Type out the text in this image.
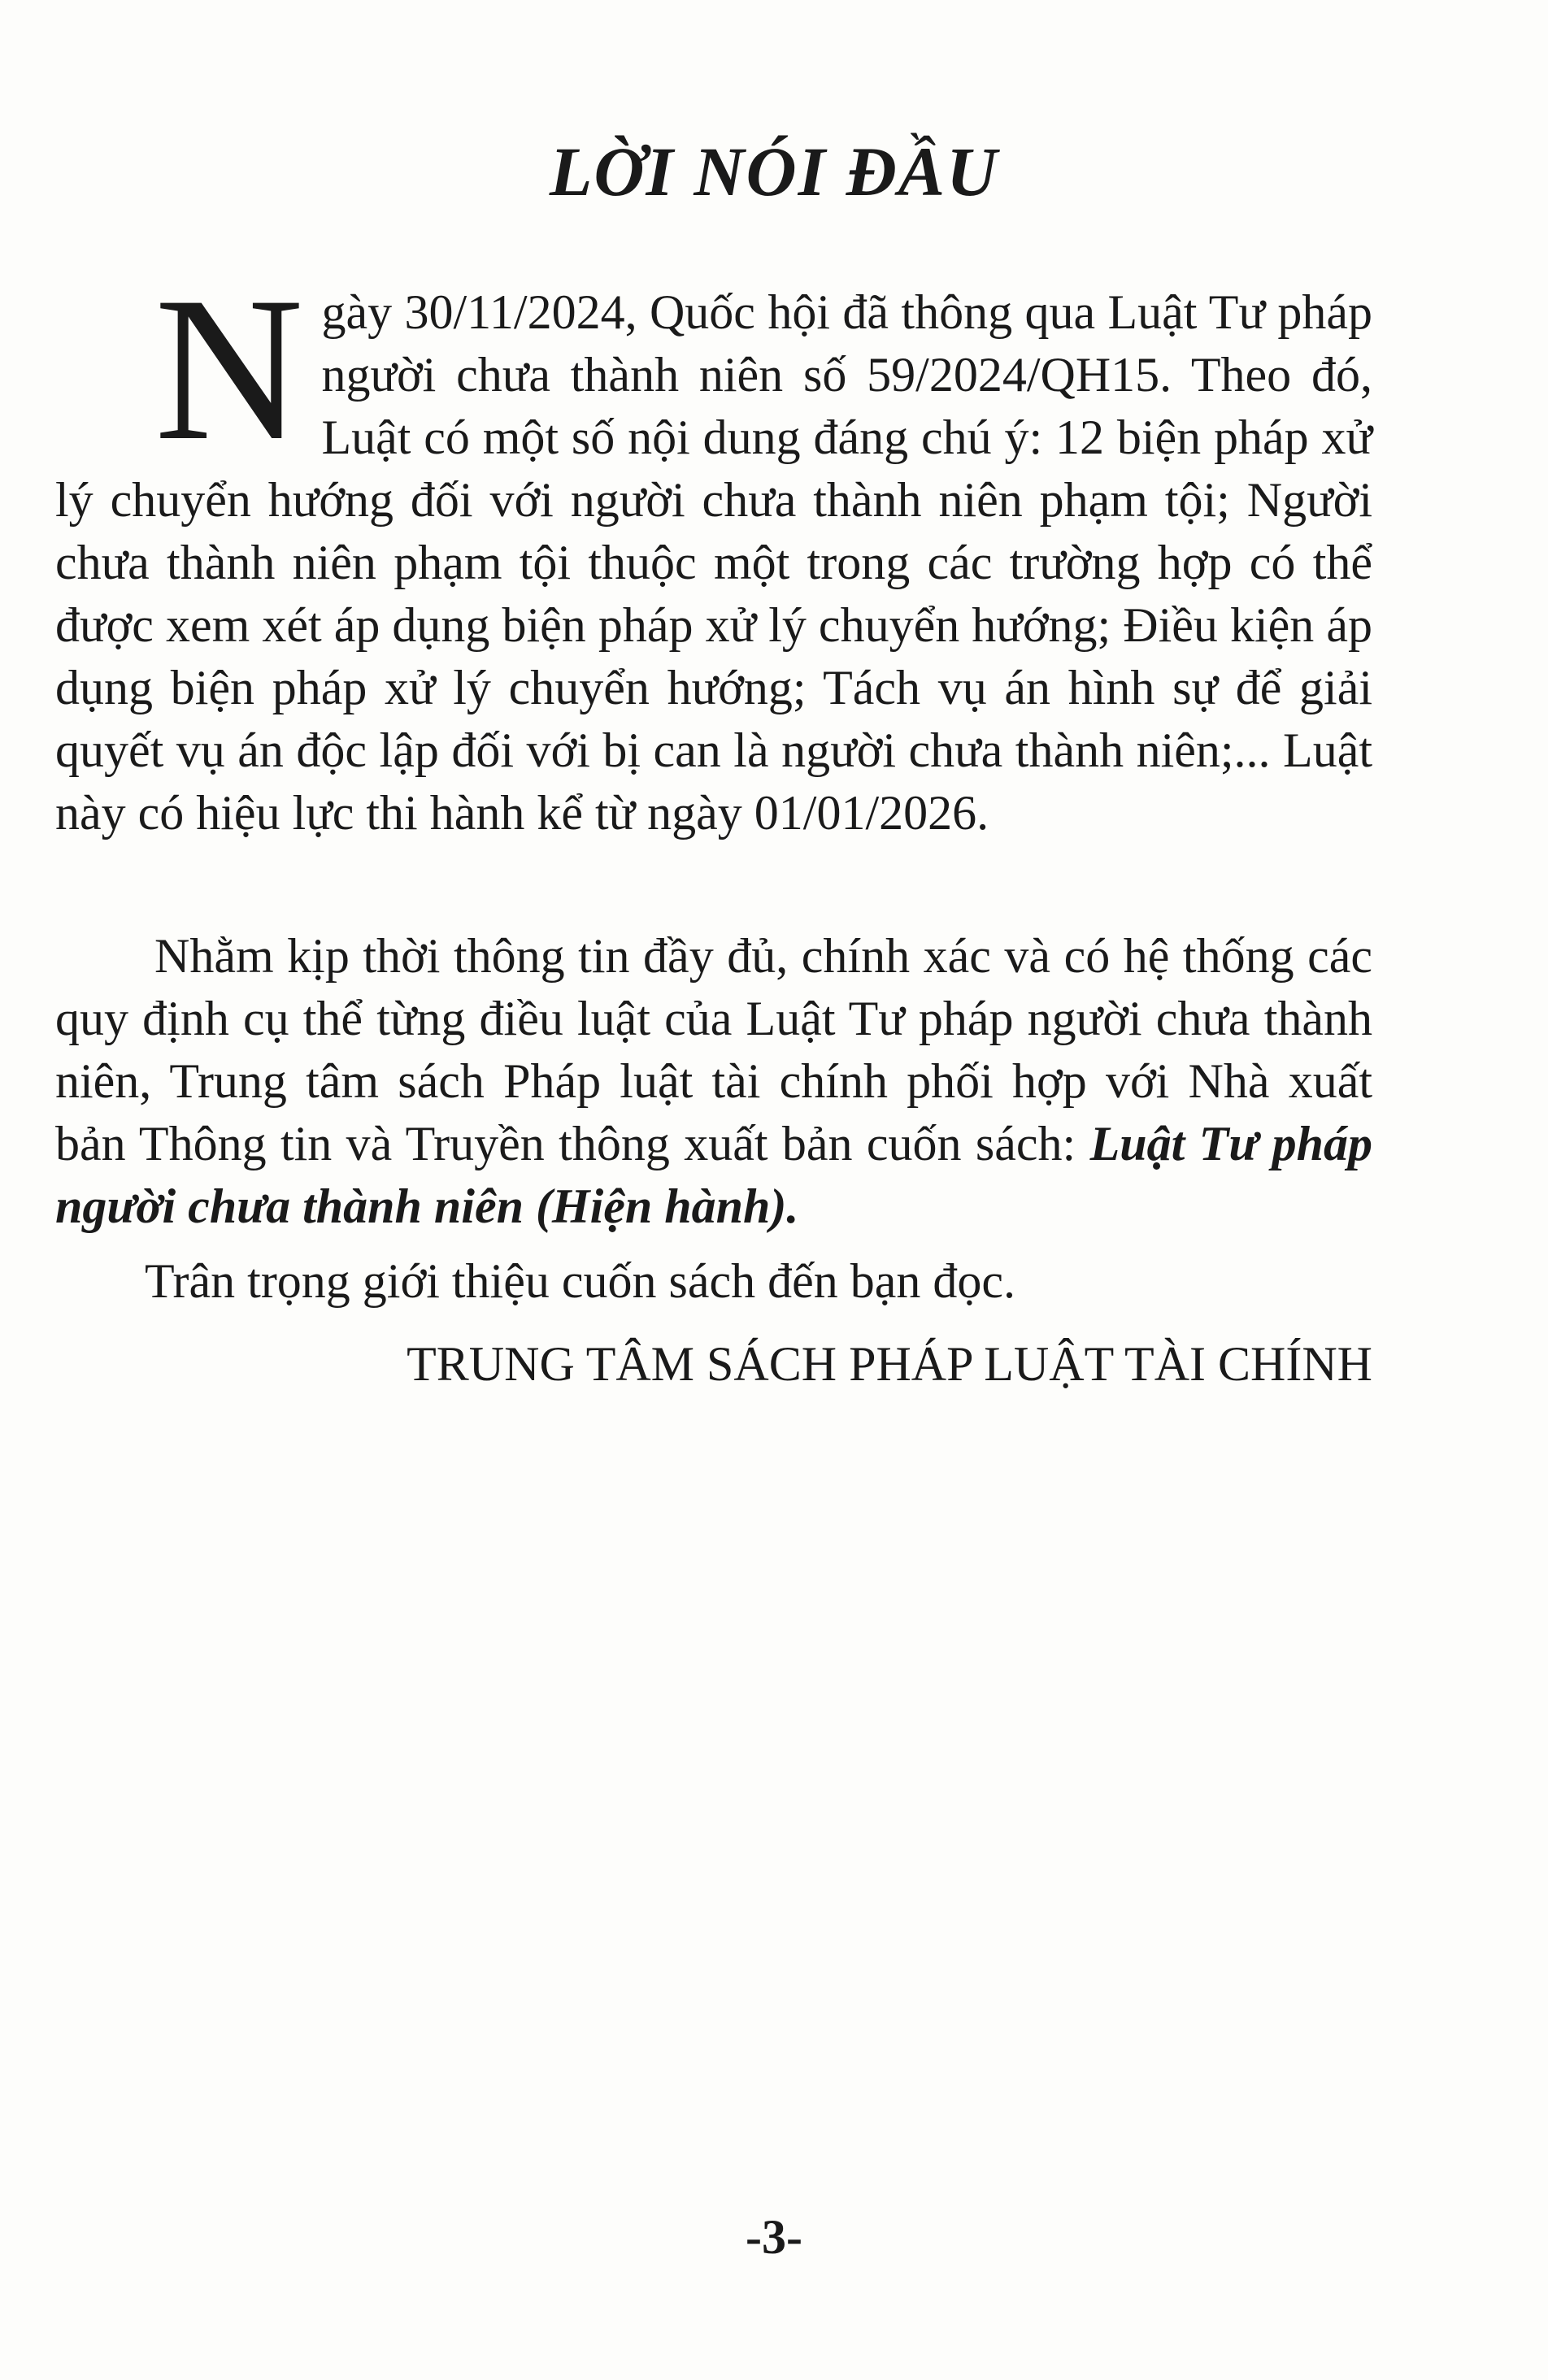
LỜI NÓI ĐẦU
Ngày 30/11/2024, Quốc hội đã thông qua Luật Tư pháp người chưa thành niên số 59/2024/QH15. Theo đó, Luật có một số nội dung đáng chú ý: 12 biện pháp xử lý chuyển hướng đối với người chưa thành niên phạm tội; Người chưa thành niên phạm tội thuộc một trong các trường hợp có thể được xem xét áp dụng biện pháp xử lý chuyển hướng; Điều kiện áp dụng biện pháp xử lý chuyển hướng; Tách vụ án hình sự để giải quyết vụ án độc lập đối với bị can là người chưa thành niên;... Luật này có hiệu lực thi hành kể từ ngày 01/01/2026.
Nhằm kịp thời thông tin đầy đủ, chính xác và có hệ thống các quy định cụ thể từng điều luật của Luật Tư pháp người chưa thành niên, Trung tâm sách Pháp luật tài chính phối hợp với Nhà xuất bản Thông tin và Truyền thông xuất bản cuốn sách: Luật Tư pháp người chưa thành niên (Hiện hành).
Trân trọng giới thiệu cuốn sách đến bạn đọc.
TRUNG TÂM SÁCH PHÁP LUẬT TÀI CHÍNH
-3-
